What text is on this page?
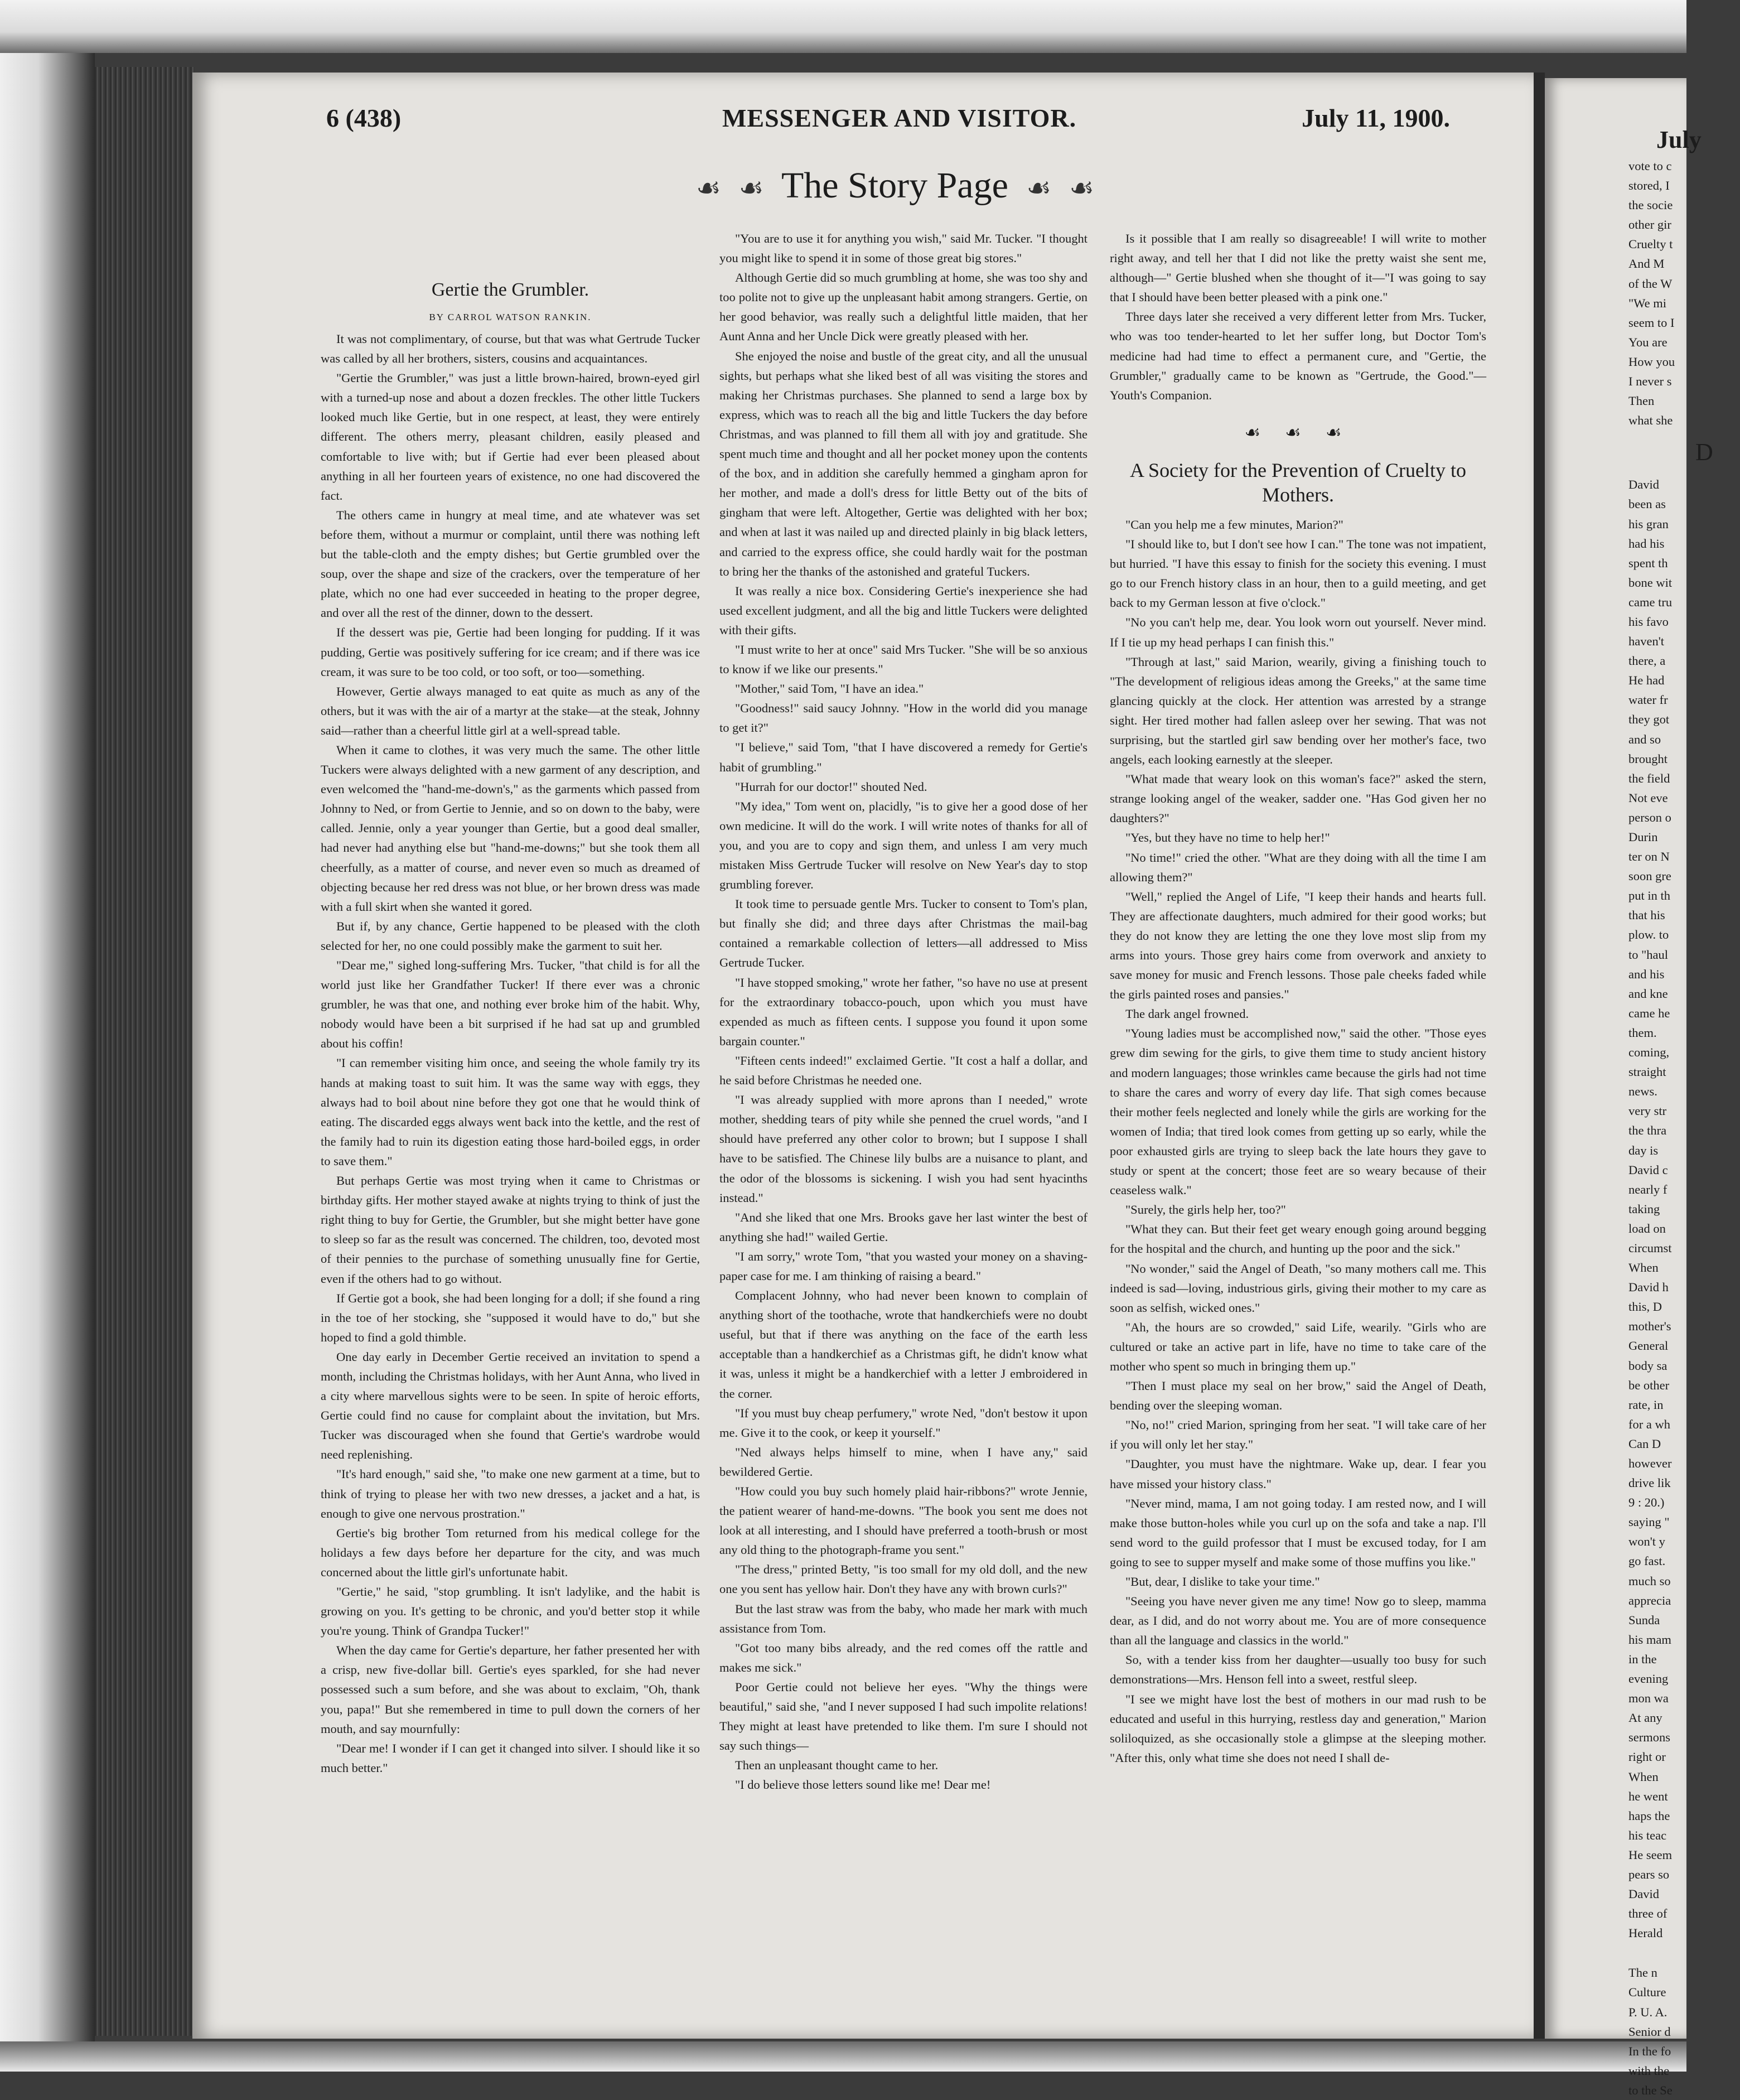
6 (438)	MESSENGER AND VISITOR.	July 11, 1900.
☙ ☙ The Story Page ☙ ☙
Gertie the Grumbler.
BY CARROL WATSON RANKIN.

It was not complimentary, of course, but that was what Gertrude Tucker was called by all her brothers, sisters, cousins and acquaintances.

"Gertie the Grumbler," was just a little brown-haired, brown-eyed girl with a turned-up nose and about a dozen freckles. The other little Tuckers looked much like Gertie, but in one respect, at least, they were entirely different. The others merry, pleasant children, easily pleased and comfortable to live with; but if Gertie had ever been pleased about anything in all her fourteen years of existence, no one had discovered the fact.

The others came in hungry at meal time, and ate whatever was set before them, without a murmur or complaint, until there was nothing left but the table-cloth and the empty dishes; but Gertie grumbled over the soup, over the shape and size of the crackers, over the temperature of her plate, which no one had ever succeeded in heating to the proper degree, and over all the rest of the dinner, down to the dessert.

If the dessert was pie, Gertie had been longing for pudding. If it was pudding, Gertie was positively suffering for ice cream; and if there was ice cream, it was sure to be too cold, or too soft, or too—something.

However, Gertie always managed to eat quite as much as any of the others, but it was with the air of a martyr at the stake—at the steak, Johnny said—rather than a cheerful little girl at a well-spread table.

When it came to clothes, it was very much the same. The other little Tuckers were always delighted with a new garment of any description, and even welcomed the "hand-me-down's," as the garments which passed from Johnny to Ned, or from Gertie to Jennie, and so on down to the baby, were called. Jennie, only a year younger than Gertie, but a good deal smaller, had never had anything else but "hand-me-downs;" but she took them all cheerfully, as a matter of course, and never even so much as dreamed of objecting because her red dress was not blue, or her brown dress was made with a full skirt when she wanted it gored.

But if, by any chance, Gertie happened to be pleased with the cloth selected for her, no one could possibly make the garment to suit her.

"Dear me," sighed long-suffering Mrs. Tucker, "that child is for all the world just like her Grandfather Tucker! If there ever was a chronic grumbler, he was that one, and nothing ever broke him of the habit. Why, nobody would have been a bit surprised if he had sat up and grumbled about his coffin!

"I can remember visiting him once, and seeing the whole family try its hands at making toast to suit him. It was the same way with eggs, they always had to boil about nine before they got one that he would think of eating. The discarded eggs always went back into the kettle, and the rest of the family had to ruin its digestion eating those hard-boiled eggs, in order to save them."

But perhaps Gertie was most trying when it came to Christmas or birthday gifts. Her mother stayed awake at nights trying to think of just the right thing to buy for Gertie, the Grumbler, but she might better have gone to sleep so far as the result was concerned. The children, too, devoted most of their pennies to the purchase of something unusually fine for Gertie, even if the others had to go without.

If Gertie got a book, she had been longing for a doll; if she found a ring in the toe of her stocking, she "supposed it would have to do," but she hoped to find a gold thimble.

One day early in December Gertie received an invitation to spend a month, including the Christmas holidays, with her Aunt Anna, who lived in a city where marvellous sights were to be seen. In spite of heroic efforts, Gertie could find no cause for complaint about the invitation, but Mrs. Tucker was discouraged when she found that Gertie's wardrobe would need replenishing.

"It's hard enough," said she, "to make one new garment at a time, but to think of trying to please her with two new dresses, a jacket and a hat, is enough to give one nervous prostration."

Gertie's big brother Tom returned from his medical college for the holidays a few days before her departure for the city, and was much concerned about the little girl's unfortunate habit.

"Gertie," he said, "stop grumbling. It isn't ladylike, and the habit is growing on you. It's getting to be chronic, and you'd better stop it while you're young. Think of Grandpa Tucker!"

When the day came for Gertie's departure, her father presented her with a crisp, new five-dollar bill. Gertie's eyes sparkled, for she had never possessed such a sum before, and she was about to exclaim, "Oh, thank you, papa!" But she remembered in time to pull down the corners of her mouth, and say mournfully:

"Dear me! I wonder if I can get it changed into silver. I should like it so much better."

"You are to use it for anything you wish," said Mr. Tucker. "I thought you might like to spend it in some of those great big stores."

Although Gertie did so much grumbling at home, she was too shy and too polite not to give up the unpleasant habit among strangers. Gertie, on her good behavior, was really such a delightful little maiden, that her Aunt Anna and her Uncle Dick were greatly pleased with her.

She enjoyed the noise and bustle of the great city, and all the unusual sights, but perhaps what she liked best of all was visiting the stores and making her Christmas purchases. She planned to send a large box by express, which was to reach all the big and little Tuckers the day before Christmas, and was planned to fill them all with joy and gratitude. She spent much time and thought and all her pocket money upon the contents of the box, and in addition she carefully hemmed a gingham apron for her mother, and made a doll's dress for little Betty out of the bits of gingham that were left. Altogether, Gertie was delighted with her box; and when at last it was nailed up and directed plainly in big black letters, and carried to the express office, she could hardly wait for the postman to bring her the thanks of the astonished and grateful Tuckers.

It was really a nice box. Considering Gertie's inexperience she had used excellent judgment, and all the big and little Tuckers were delighted with their gifts.

"I must write to her at once" said Mrs Tucker. "She will be so anxious to know if we like our presents."

"Mother," said Tom, "I have an idea."

"Goodness!" said saucy Johnny. "How in the world did you manage to get it?"

"I believe," said Tom, "that I have discovered a remedy for Gertie's habit of grumbling."

"Hurrah for our doctor!" shouted Ned.

"My idea," Tom went on, placidly, "is to give her a good dose of her own medicine. It will do the work. I will write notes of thanks for all of you, and you are to copy and sign them, and unless I am very much mistaken Miss Gertrude Tucker will resolve on New Year's day to stop grumbling forever.

It took time to persuade gentle Mrs. Tucker to consent to Tom's plan, but finally she did; and three days after Christmas the mail-bag contained a remarkable collection of letters—all addressed to Miss Gertrude Tucker.

"I have stopped smoking," wrote her father, "so have no use at present for the extraordinary tobacco-pouch, upon which you must have expended as much as fifteen cents. I suppose you found it upon some bargain counter."

"Fifteen cents indeed!" exclaimed Gertie. "It cost a half a dollar, and he said before Christmas he needed one.

"I was already supplied with more aprons than I needed," wrote mother, shedding tears of pity while she penned the cruel words, "and I should have preferred any other color to brown; but I suppose I shall have to be satisfied. The Chinese lily bulbs are a nuisance to plant, and the odor of the blossoms is sickening. I wish you had sent hyacinths instead."

"And she liked that one Mrs. Brooks gave her last winter the best of anything she had!" wailed Gertie.

"I am sorry," wrote Tom, "that you wasted your money on a shaving-paper case for me. I am thinking of raising a beard."

Complacent Johnny, who had never been known to complain of anything short of the toothache, wrote that handkerchiefs were no doubt useful, but that if there was anything on the face of the earth less acceptable than a handkerchief as a Christmas gift, he didn't know what it was, unless it might be a handkerchief with a letter J embroidered in the corner.

"If you must buy cheap perfumery," wrote Ned, "don't bestow it upon me. Give it to the cook, or keep it yourself."

"Ned always helps himself to mine, when I have any," said bewildered Gertie.

"How could you buy such homely plaid hair-ribbons?" wrote Jennie, the patient wearer of hand-me-downs. "The book you sent me does not look at all interesting, and I should have preferred a tooth-brush or most any old thing to the photograph-frame you sent."

"The dress," printed Betty, "is too small for my old doll, and the new one you sent has yellow hair. Don't they have any with brown curls?"

But the last straw was from the baby, who made her mark with much assistance from Tom.

"Got too many bibs already, and the red comes off the rattle and makes me sick."

Poor Gertie could not believe her eyes. "Why the things were beautiful," said she, "and I never supposed I had such impolite relations! They might at least have pretended to like them. I'm sure I should not say such things—

Then an unpleasant thought came to her.

"I do believe those letters sound like me! Dear me!

Is it possible that I am really so disagreeable! I will write to mother right away, and tell her that I did not like the pretty waist she sent me, although—" Gertie blushed when she thought of it—"I was going to say that I should have been better pleased with a pink one."

Three days later she received a very different letter from Mrs. Tucker, who was too tender-hearted to let her suffer long, but Doctor Tom's medicine had had time to effect a permanent cure, and "Gertie, the Grumbler," gradually came to be known as "Gertrude, the Good."—Youth's Companion.

☙ ☙ ☙
A Society for the Prevention of Cruelty to Mothers.

"Can you help me a few minutes, Marion?"

"I should like to, but I don't see how I can." The tone was not impatient, but hurried. "I have this essay to finish for the society this evening. I must go to our French history class in an hour, then to a guild meeting, and get back to my German lesson at five o'clock."

"No you can't help me, dear. You look worn out yourself. Never mind. If I tie up my head perhaps I can finish this."

"Through at last," said Marion, wearily, giving a finishing touch to "The development of religious ideas among the Greeks," at the same time glancing quickly at the clock. Her attention was arrested by a strange sight. Her tired mother had fallen asleep over her sewing. That was not surprising, but the startled girl saw bending over her mother's face, two angels, each looking earnestly at the sleeper.

"What made that weary look on this woman's face?" asked the stern, strange looking angel of the weaker, sadder one. "Has God given her no daughters?"

"Yes, but they have no time to help her!"

"No time!" cried the other. "What are they doing with all the time I am allowing them?"

"Well," replied the Angel of Life, "I keep their hands and hearts full. They are affectionate daughters, much admired for their good works; but they do not know they are letting the one they love most slip from my arms into yours. Those grey hairs come from overwork and anxiety to save money for music and French lessons. Those pale cheeks faded while the girls painted roses and pansies."

The dark angel frowned.

"Young ladies must be accomplished now," said the other. "Those eyes grew dim sewing for the girls, to give them time to study ancient history and modern languages; those wrinkles came because the girls had not time to share the cares and worry of every day life. That sigh comes because their mother feels neglected and lonely while the girls are working for the women of India; that tired look comes from getting up so early, while the poor exhausted girls are trying to sleep back the late hours they gave to study or spent at the concert; those feet are so weary because of their ceaseless walk."

"Surely, the girls help her, too?"

"What they can. But their feet get weary enough going around begging for the hospital and the church, and hunting up the poor and the sick."

"No wonder," said the Angel of Death, "so many mothers call me. This indeed is sad—loving, industrious girls, giving their mother to my care as soon as selfish, wicked ones."

"Ah, the hours are so crowded," said Life, wearily. "Girls who are cultured or take an active part in life, have no time to take care of the mother who spent so much in bringing them up."

"Then I must place my seal on her brow," said the Angel of Death, bending over the sleeping woman.

"No, no!" cried Marion, springing from her seat. "I will take care of her if you will only let her stay."

"Daughter, you must have the nightmare. Wake up, dear. I fear you have missed your history class."

"Never mind, mama, I am not going today. I am rested now, and I will make those button-holes while you curl up on the sofa and take a nap. I'll send word to the guild professor that I must be excused today, for I am going to see to supper myself and make some of those muffins you like."

"But, dear, I dislike to take your time."

"Seeing you have never given me any time! Now go to sleep, mamma dear, as I did, and do not worry about me. You are of more consequence than all the language and classics in the world."

So, with a tender kiss from her daughter—usually too busy for such demonstrations—Mrs. Henson fell into a sweet, restful sleep.

"I see we might have lost the best of mothers in our mad rush to be educated and useful in this hurrying, restless day and generation," Marion soliloquized, as she occasionally stole a glimpse at the sleeping mother. "After this, only what time she does not need I shall de-

July
vote to c
stored, I
the socie
other gir
Cruelty t
And M
of the W
"We mi
seem to I
You are
How you
I never s
Then
what she
D
David
been as
his gran
had his
spent th
bone wit
came tru
his favo
haven't
there, a
He had
water fr
they got
and so
brought
the field
Not eve
person o
Durin
ter on N
soon gre
put in th
that his
plow. to
to "haul
and his
and kne
came he
them.
coming,
straight
news.
very str
the thra
day is
David c
nearly f
taking
load on
circumst
When
David h
this, D
mother's
General
body sa
be other
rate, in
for a wh
Can D
however
drive lik
9 : 20.)
saying "
won't y
go fast.
much so
apprecia
Sunda
his mam
in the
evening
mon wa
At any
sermons
right or
When
he went
haps the
his teac
He seem
pears so
David
three of
Herald
The n
Culture
P. U. A.
Senior d
In the fo
with the
to the Se
